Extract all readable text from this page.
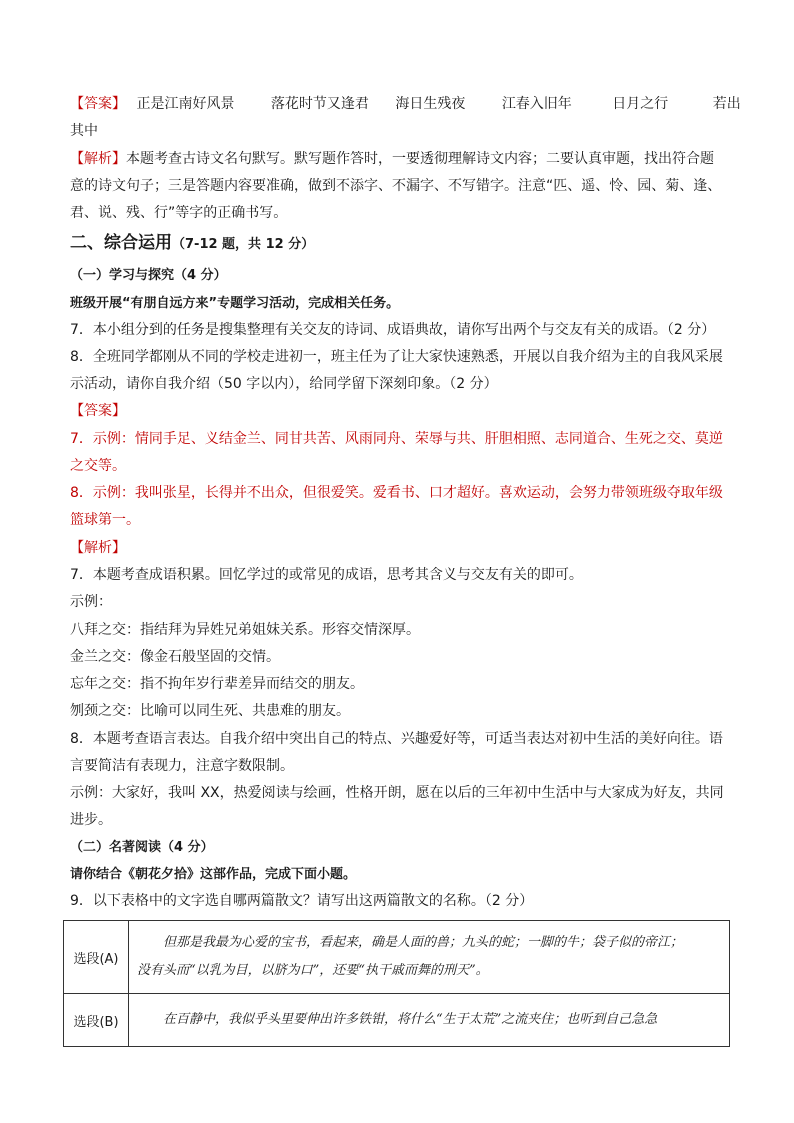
【答案】 正是江南好风景	落花时节又逢君 海日生残夜	江春入旧年	日月之行	若出
其中
【解析】本题考查古诗文名句默写。默写题作答时，一要透彻理解诗文内容；二要认真审题，找出符合题
意的诗文句子；三是答题内容要准确，做到不添字、不漏字、不写错字。注意“匹、遥、怜、园、菊、逢、
君、说、残、行”等字的正确书写。
二、综合运用（7-12 题，共 12 分）
（一）学习与探究（4 分）
班级开展“有朋自远方来”专题学习活动，完成相关任务。
7．本小组分到的任务是搜集整理有关交友的诗词、成语典故，请你写出两个与交友有关的成语。（2 分）
8．全班同学都刚从不同的学校走进初一，班主任为了让大家快速熟悉，开展以自我介绍为主的自我风采展
示活动，请你自我介绍（50 字以内），给同学留下深刻印象。（2 分）
【答案】
7．示例：情同手足、义结金兰、同甘共苦、风雨同舟、荣辱与共、肝胆相照、志同道合、生死之交、莫逆
之交等。
8．示例：我叫张星，长得并不出众，但很爱笑。爱看书、口才超好。喜欢运动，会努力带领班级夺取年级
篮球第一。
【解析】
7．本题考查成语积累。回忆学过的或常见的成语，思考其含义与交友有关的即可。
示例：
八拜之交：指结拜为异姓兄弟姐妹关系。形容交情深厚。
金兰之交：像金石般坚固的交情。
忘年之交：指不拘年岁行辈差异而结交的朋友。
刎颈之交：比喻可以同生死、共患难的朋友。
8．本题考查语言表达。自我介绍中突出自己的特点、兴趣爱好等，可适当表达对初中生活的美好向往。语
言要简洁有表现力，注意字数限制。
示例：大家好，我叫 XX，热爱阅读与绘画，性格开朗，愿在以后的三年初中生活中与大家成为好友，共同
进步。
（二）名著阅读（4 分）
请你结合《朝花夕拾》这部作品，完成下面小题。
9．以下表格中的文字选自哪两篇散文？请写出这两篇散文的名称。（2 分）
选段(A)	但那是我最为心爱的宝书，看起来，确是人面的兽；九头的蛇；一脚的牛；袋子似的帝江；
没有头而“以乳为目，以脐为口”，还要“执干戚而舞的刑天”。

选段(B)	在百静中，我似乎头里要伸出许多铁钳，将什么“生于太荒”之流夹住；也听到自己急急
